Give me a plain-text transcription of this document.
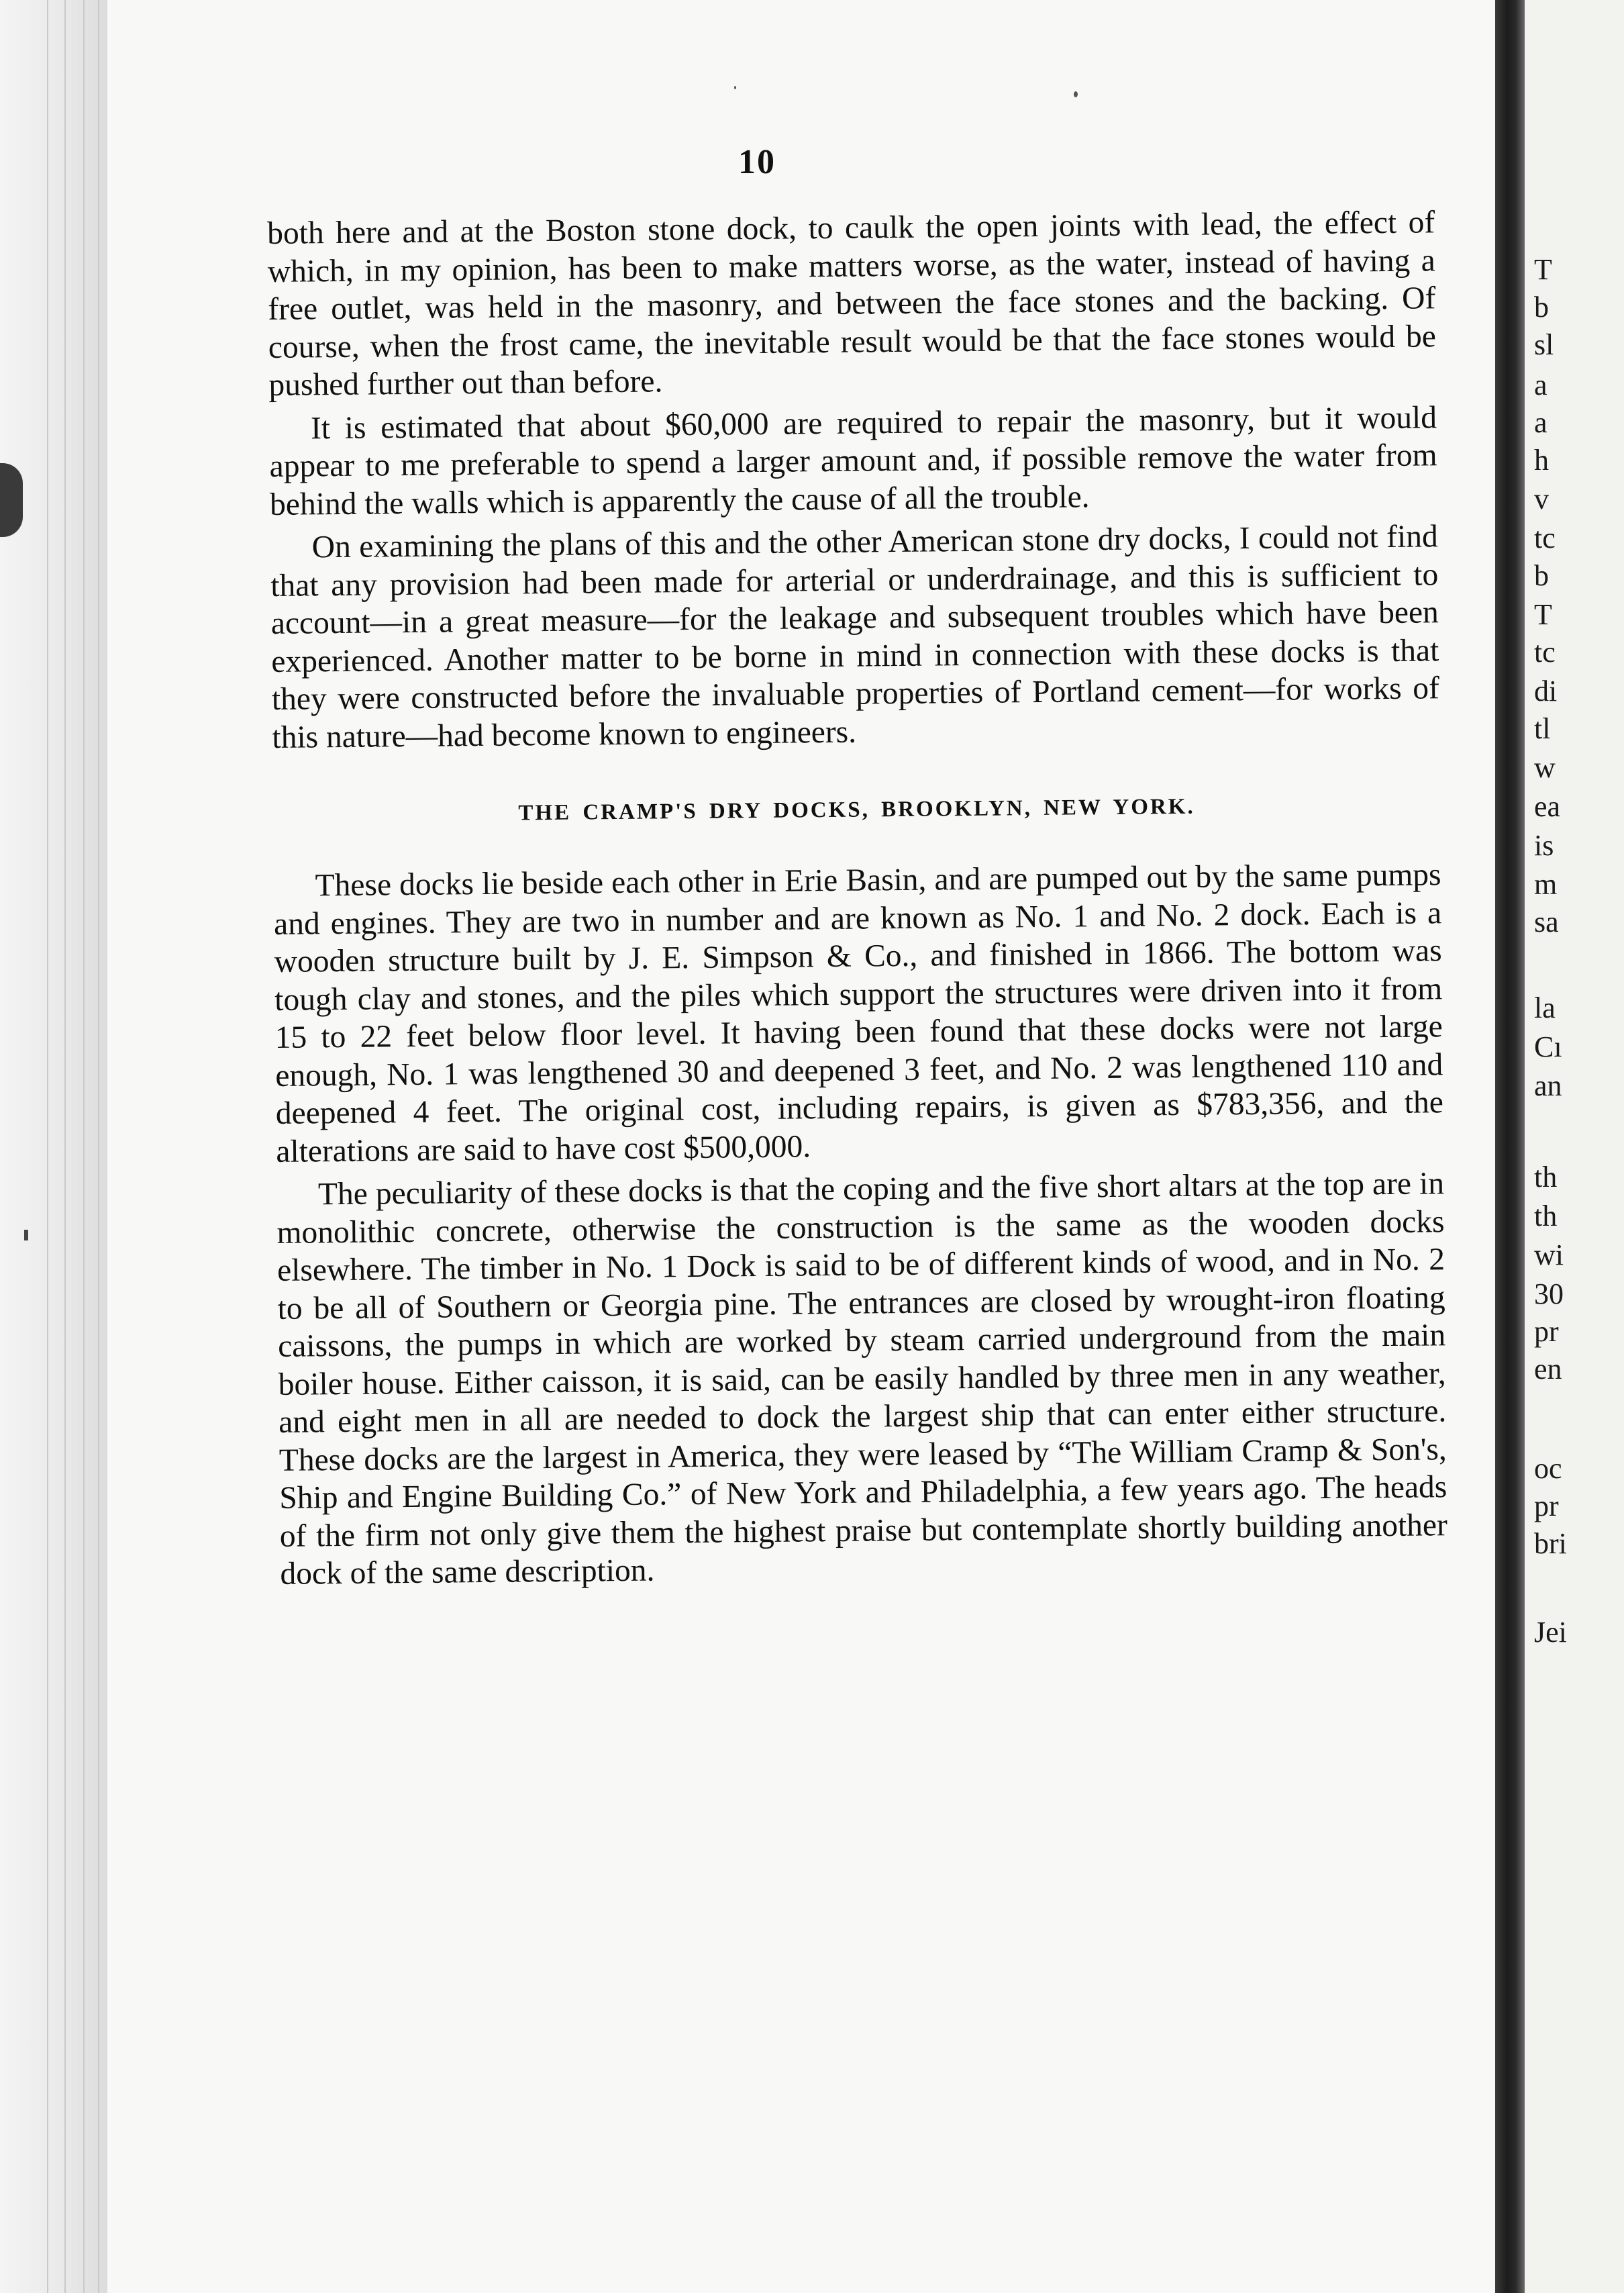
10

both here and at the Boston stone dock, to caulk the open joints with lead, the effect of which, in my opinion, has been to make matters worse, as the water, instead of having a free outlet, was held in the masonry, and between the face stones and the backing. Of course, when the frost came, the inevitable result would be that the face stones would be pushed further out than before.

It is estimated that about $60,000 are required to repair the masonry, but it would appear to me preferable to spend a larger amount and, if possible remove the water from behind the walls which is apparently the cause of all the trouble.

On examining the plans of this and the other American stone dry docks, I could not find that any provision had been made for arterial or underdrainage, and this is sufficient to account—in a great measure—for the leakage and subsequent troubles which have been experienced. Another matter to be borne in mind in connection with these docks is that they were constructed before the invaluable properties of Portland cement—for works of this nature—had become known to engineers.

THE CRAMP'S DRY DOCKS, BROOKLYN, NEW YORK.

These docks lie beside each other in Erie Basin, and are pumped out by the same pumps and engines. They are two in number and are known as No. 1 and No. 2 dock. Each is a wooden structure built by J. E. Simpson & Co., and finished in 1866. The bottom was tough clay and stones, and the piles which support the structures were driven into it from 15 to 22 feet below floor level. It having been found that these docks were not large enough, No. 1 was lengthened 30 and deepened 3 feet, and No. 2 was lengthened 110 and deepened 4 feet. The original cost, including repairs, is given as $783,356, and the alterations are said to have cost $500,000.

The peculiarity of these docks is that the coping and the five short altars at the top are in monolithic concrete, otherwise the construction is the same as the wooden docks elsewhere. The timber in No. 1 Dock is said to be of different kinds of wood, and in No. 2 to be all of Southern or Georgia pine. The entrances are closed by wrought-iron floating caissons, the pumps in which are worked by steam carried underground from the main boiler house. Either caisson, it is said, can be easily handled by three men in any weather, and eight men in all are needed to dock the largest ship that can enter either structure. These docks are the largest in America, they were leased by “The William Cramp & Son's, Ship and Engine Building Co.” of New York and Philadelphia, a few years ago. The heads of the firm not only give them the highest praise but contemplate shortly building another dock of the same description.

T
b
sl
a
a
h
v
tc
b
T
tc
di
tl
w
ea
is
m
sa
la
Cı
an
th
th
wi
30
pr
en
oc
pr
bri
Jei
